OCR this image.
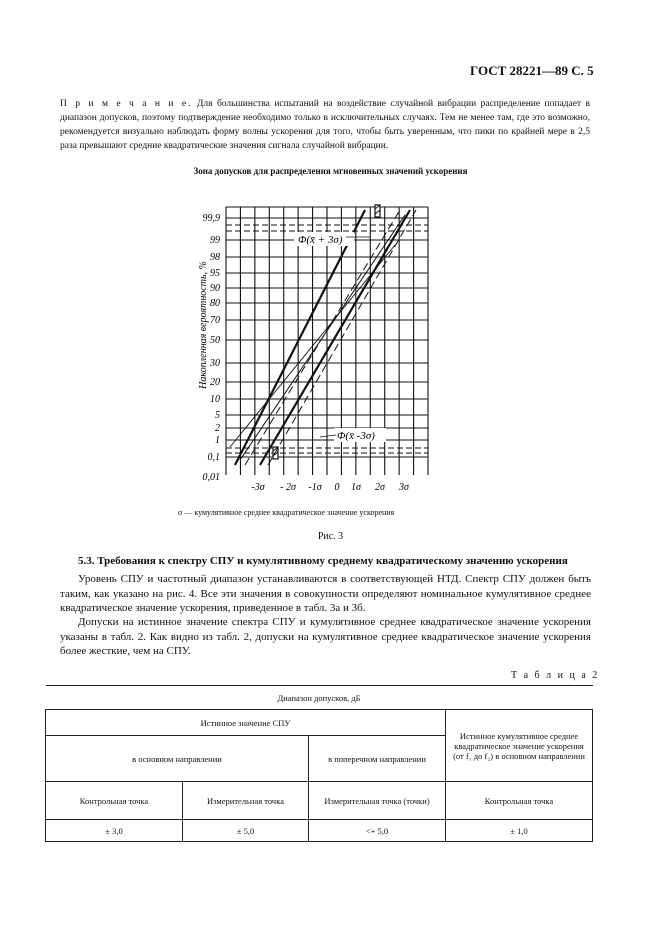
ГОСТ 28221—89 С. 5
П р и м е ч а н и е. Для большинства испытаний на воздействие случайной вибрации распределение попадает в диапазон допусков, поэтому подтверждение необходимо только в исключительных случаях. Тем не менее там, где это возможно, рекомендуется визуально наблюдать форму волны ускорения для того, чтобы быть уверенным, что пики по крайней мере в 2,5 раза превышают средние квадратические значения сигнала случайной вибрации.
Зона допусков для распределения мгновенных значений ускорения
99,9
99
98
95
90
80
70
50
30
20
10
5
2
1
0,1
0,01
-3σ - 2σ -1σ 0 1σ 2σ 3σ
Накопленная вероятность, %
Φ(x̄ + 3σ)
Φ(x̄ -3σ)
σ — кумулятивное среднее квадратическое значение ускорения
Рис. 3
5.3. Требования к спектру СПУ и кумулятивному среднему квадратическому значению ускорения
Уровень СПУ и частотный диапазон устанавливаются в соответствующей НТД. Спектр СПУ должен быть таким, как указано на рис. 4. Все эти значения в совокупности определяют номинальное кумулятивное среднее квадратическое значение ускорения, приведенное в табл. 3а и 3б.
Допуски на истинное значение спектра СПУ и кумулятивное среднее квадратическое значение ускорения указаны в табл. 2. Как видно из табл. 2, допуски на кумулятивное среднее квадратическое значение ускорения более жесткие, чем на СПУ.
Т а б л и ц а 2
Диапазон допусков, дБ			
Истинное значение СПУ			Истинное кумулятивное среднее квадратическое значение ускорения (от f₁ до f₂) в основном направлении
в основном направлении		в поперечном направлении	
Контрольная точка	Измерительная точка	Измерительная точка (точки)	Контрольная точка
± 3,0	± 5,0	<+ 5,0	± 1,0
